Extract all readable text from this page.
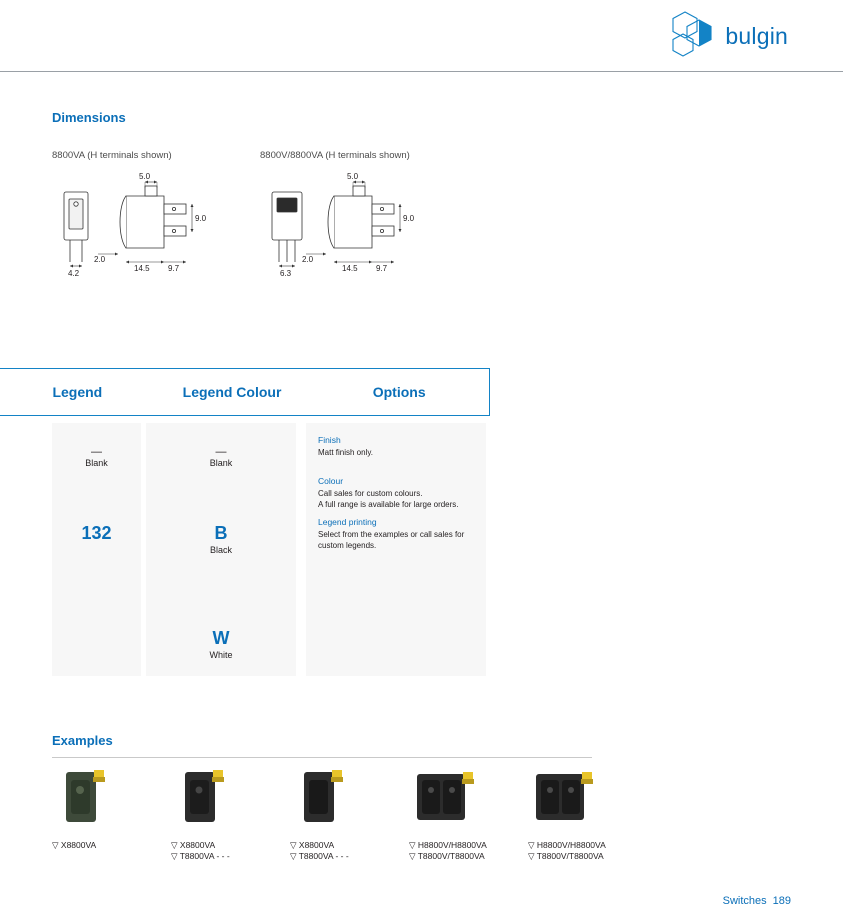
bulgin
Dimensions
8800VA (H terminals shown)	8800V/8800VA (H terminals shown)
4.2
5.0
9.0
2.0
14.5 9.7
6.3
5.0
9.0
2.0
14.5 9.7
Legend	Legend Colour	Options
—
Blank
132
—
Blank
B
Black
W
White
Finish
Matt finish only.
Colour
Call sales for custom colours.
A full range is available for large orders.
Legend printing
Select from the examples or call sales for
custom legends.
Examples
▽ X8800VA	▽ X8800VA
▽ T8800VA - - -
▽ X8800VA
▽ T8800VA - - -
▽ H8800V/H8800VA
▽ T8800V/T8800VA
▽ H8800V/H8800VA
▽ T8800V/T8800VA
Switches 189
